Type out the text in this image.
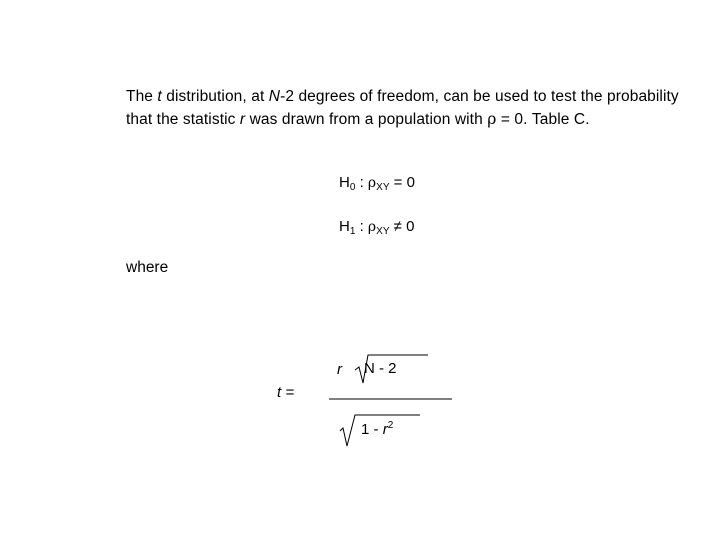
The t distribution, at N-2 degrees of freedom, can be used to test the probability that the statistic r was drawn from a population with ρ = 0. Table C.
$H_0$ : $\rho_{XY} = 0$
$H_1$ : $\rho_{XY} \ne 0$
where
t =
r N - 2
$1 - r^2$
